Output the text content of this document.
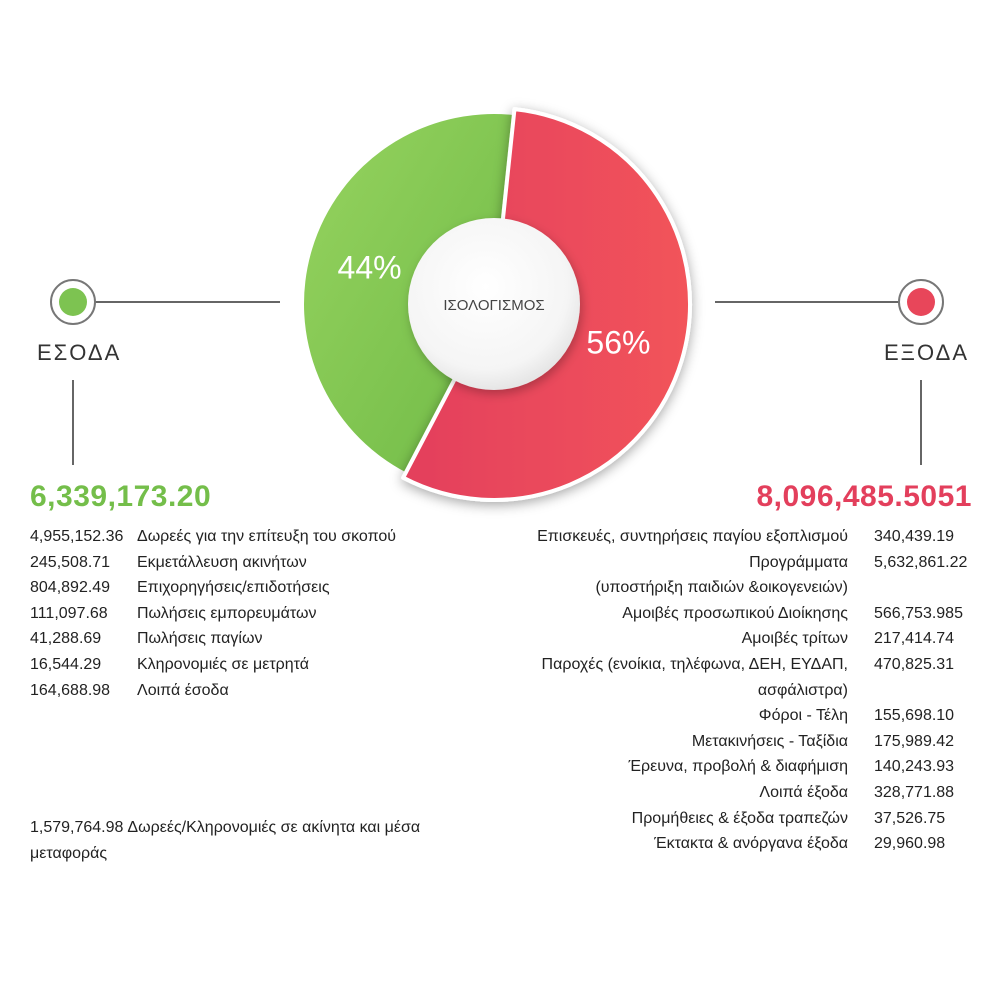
ΙΣΟΛΟΓΙΣΜΟΣ
44%
56%
ΕΣΟΔΑ	ΕΞΟΔΑ
6,339,173.20	8,096,485.5051
4,955,152.36 Δωρεές για την επίτευξη του σκοπού
245,508.71	Εκμετάλλευση ακινήτων
804,892.49	Επιχορηγήσεις/επιδοτήσεις
111,097.68	Πωλήσεις εμπορευμάτων
41,288.69	Πωλήσεις παγίων
16,544.29	Κληρονομιές σε μετρητά
164,688.98	Λοιπά έσοδα
Επισκευές, συντηρήσεις παγίου εξοπλισμού	340,439.19
Προγράμματα	5,632,861.22
(υποστήριξη παιδιών &οικογενειών)
Αμοιβές προσωπικού Διοίκησης	566,753.985
Αμοιβές τρίτων	217,414.74
Παροχές (ενοίκια, τηλέφωνα, ΔΕΗ, ΕΥΔΑΠ,	470,825.31
ασφάλιστρα)
Φόροι - Τέλη	155,698.10
Μετακινήσεις - Ταξίδια	175,989.42
Έρευνα, προβολή & διαφήμιση	140,243.93
Λοιπά έξοδα	328,771.88
Προμήθειες & έξοδα τραπεζών	37,526.75
Έκτακτα & ανόργανα έξοδα	29,960.98
1,579,764.98 Δωρεές/Κληρονομιές σε ακίνητα και μέσα μεταφοράς
